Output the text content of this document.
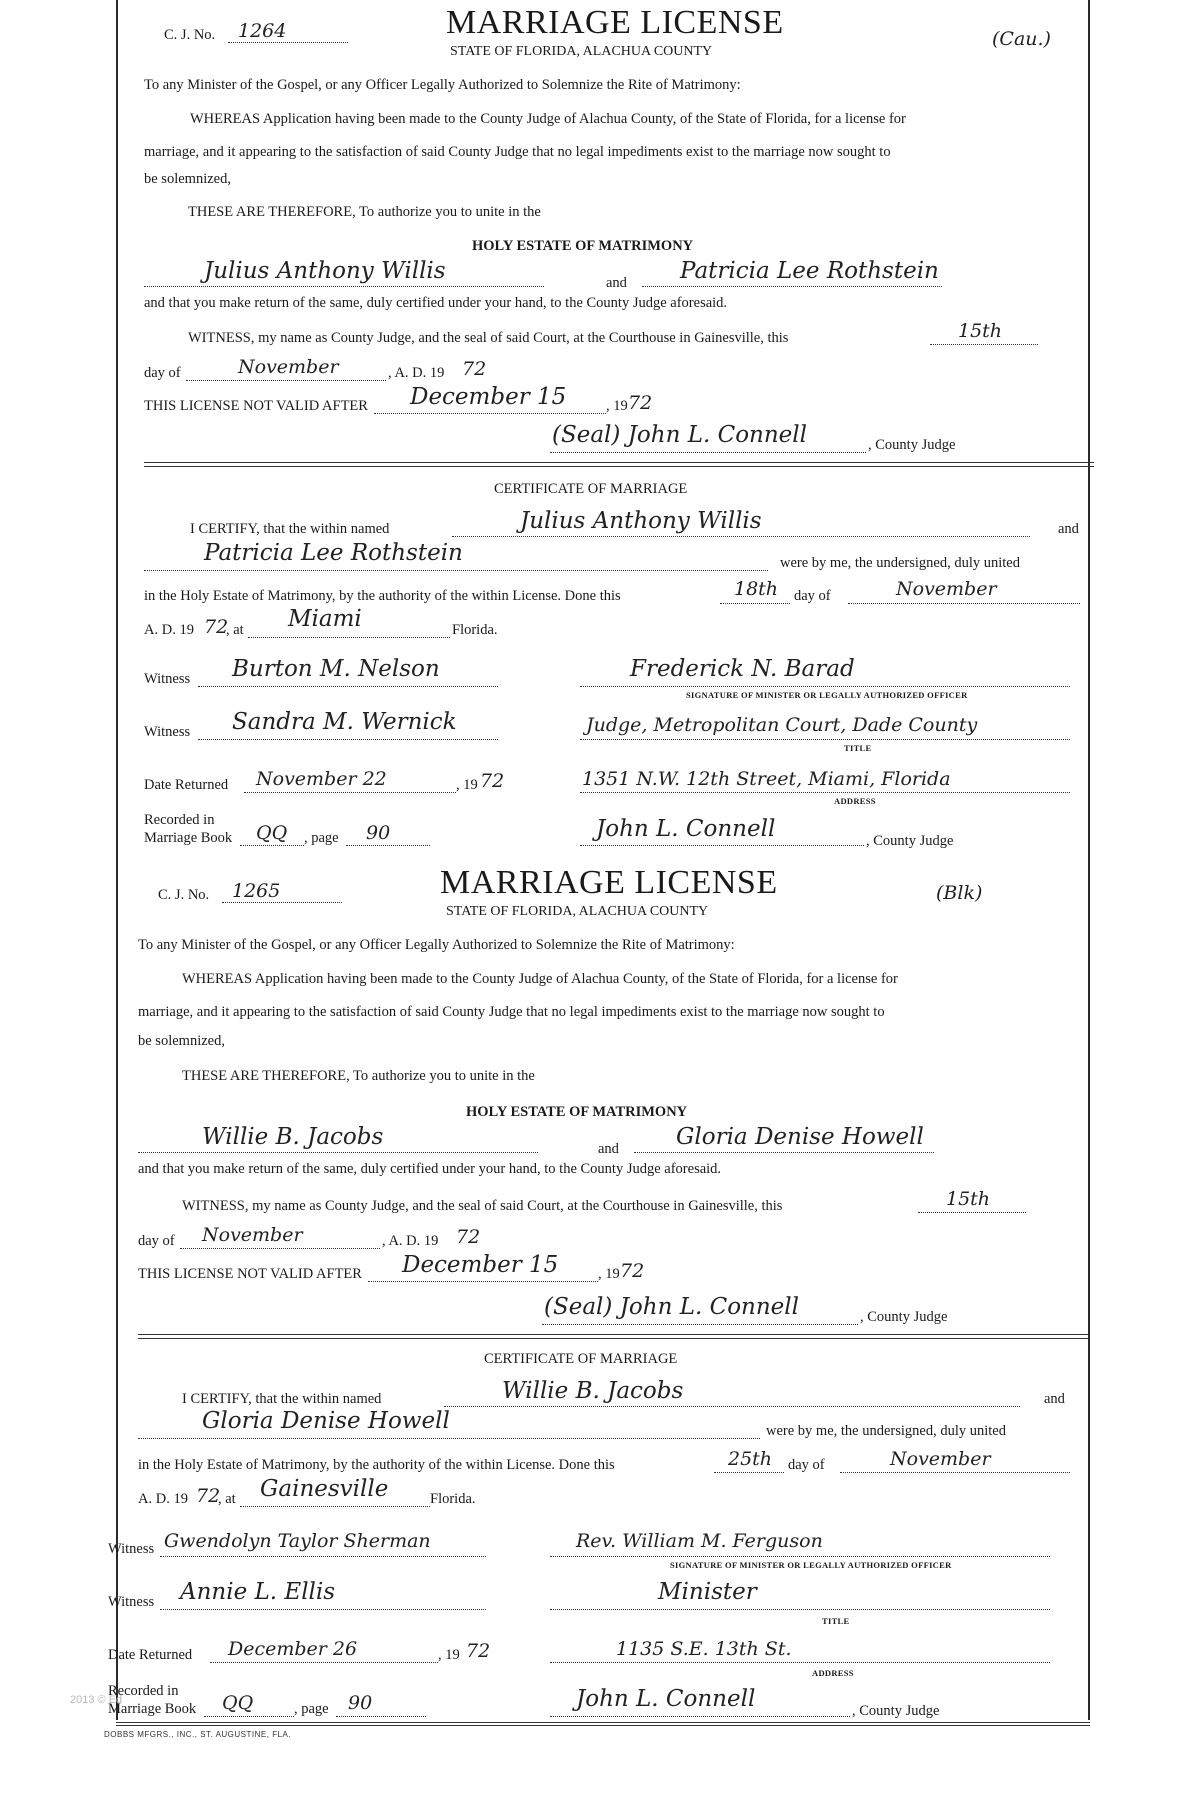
C. J. No. 1264	MARRIAGE LICENSE
STATE OF FLORIDA, ALACHUA COUNTY
(Cau.)
To any Minister of the Gospel, or any Officer Legally Authorized to Solemnize the Rite of Matrimony:
WHEREAS Application having been made to the County Judge of Alachua County, of the State of Florida, for a license for
marriage, and it appearing to the satisfaction of said County Judge that no legal impediments exist to the marriage now sought to
be solemnized,
THESE ARE THEREFORE, To authorize you to unite in the
HOLY ESTATE OF MATRIMONY
Julius Anthony Willis	and Patricia Lee Rothstein
and that you make return of the same, duly certified under your hand, to the County Judge aforesaid.
WITNESS, my name as County Judge, and the seal of said Court, at the Courthouse in Gainesville, this	15th
day of	November	, A. D. 19 72
THIS LICENSE NOT VALID AFTER December 15	, 19 72
(Seal) John L. Connell	, County Judge
CERTIFICATE OF MARRIAGE
I CERTIFY, that the within named	Julius Anthony Willis	and
Patricia Lee Rothstein	were by me, the undersigned, duly united
in the Holy Estate of Matrimony, by the authority of the within License. Done this	18th day of	November
A. D. 19 72
, at Miami	Florida.
Witness Burton M. Nelson	Frederick N. Barad
SIGNATURE OF MINISTER OR LEGALLY AUTHORIZED OFFICER
Witness Sandra M. Wernick	Judge, Metropolitan Court, Dade County
TITLE
Date Returned November 22	, 19 72	1351 N.W. 12th Street, Miami, Florida
ADDRESS
Recorded in
Marriage Book QQ , page 90	John L. Connell	, County Judge
C. J. No. 1265	MARRIAGE LICENSE
STATE OF FLORIDA, ALACHUA COUNTY
(Blk)
To any Minister of the Gospel, or any Officer Legally Authorized to Solemnize the Rite of Matrimony:
WHEREAS Application having been made to the County Judge of Alachua County, of the State of Florida, for a license for
marriage, and it appearing to the satisfaction of said County Judge that no legal impediments exist to the marriage now sought to
be solemnized,
THESE ARE THEREFORE, To authorize you to unite in the
HOLY ESTATE OF MATRIMONY
Willie B. Jacobs	and Gloria Denise Howell
and that you make return of the same, duly certified under your hand, to the County Judge aforesaid.
WITNESS, my name as County Judge, and the seal of said Court, at the Courthouse in Gainesville, this	15th
day of November	, A. D. 19 72
THIS LICENSE NOT VALID AFTER December 15	, 19 72
(Seal) John L. Connell	, County Judge
CERTIFICATE OF MARRIAGE
I CERTIFY, that the within named	Willie B. Jacobs	and
Gloria Denise Howell	were by me, the undersigned, duly united
in the Holy Estate of Matrimony, by the authority of the within License. Done this	25th day of	November
A. D. 19 72
, at Gainesville	Florida.
Witness Gwendolyn Taylor Sherman	Rev. William M. Ferguson
SIGNATURE OF MINISTER OR LEGALLY AUTHORIZED OFFICER
Witness Annie L. Ellis	Minister
TITLE
Date Returned December 26	, 19 72	1135 S.E. 13th St.
ADDRESS
Recorded in
Marriage Book QQ	, page 90	John L. Connell	, County Judge
2013 © Ed
DOBBS MFGRS., INC., ST. AUGUSTINE, FLA.
